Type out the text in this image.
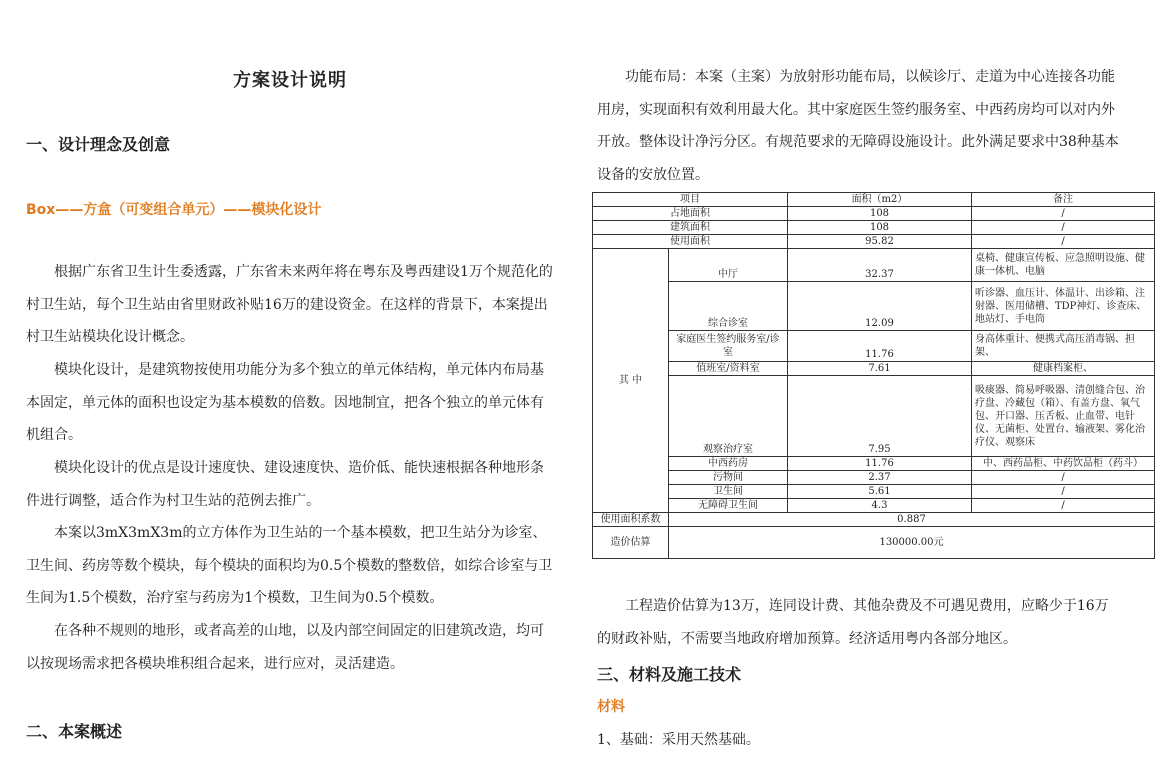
方案设计说明
一、设计理念及创意
Box——方盒（可变组合单元）——模块化设计
根据广东省卫生计生委透露，广东省未来两年将在粤东及粤西建设1万个规范化的村卫生站，每个卫生站由省里财政补贴16万的建设资金。在这样的背景下，本案提出村卫生站模块化设计概念。
模块化设计，是建筑物按使用功能分为多个独立的单元体结构，单元体内布局基本固定，单元体的面积也设定为基本模数的倍数。因地制宜，把各个独立的单元体有机组合。
模块化设计的优点是设计速度快、建设速度快、造价低、能快速根据各种地形条件进行调整，适合作为村卫生站的范例去推广。
本案以3mX3mX3m的立方体作为卫生站的一个基本模数，把卫生站分为诊室、卫生间、药房等数个模块，每个模块的面积均为0.5个模数的整数倍，如综合诊室与卫生间为1.5个模数，治疗室与药房为1个模数，卫生间为0.5个模数。
在各种不规则的地形，或者高差的山地，以及内部空间固定的旧建筑改造，均可以按现场需求把各模块堆积组合起来，进行应对，灵活建造。
二、本案概述
功能布局：本案（主案）为放射形功能布局，以候诊厅、走道为中心连接各功能用房，实现面积有效利用最大化。其中家庭医生签约服务室、中西药房均可以对内外开放。整体设计净污分区。有规范要求的无障碍设施设计。此外满足要求中38种基本设备的安放位置。
工程造价估算为13万，连同设计费、其他杂费及不可遇见费用，应略少于16万的财政补贴，不需要当地政府增加预算。经济适用粤内各部分地区。
三、材料及施工技术
材料
1、基础：采用天然基础。
项目		面积（m2）	备注
占地面积		108	/
建筑面积		108	/
使用面积		95.82	/
其 中	中厅	32.37	桌椅、健康宣传板、应急照明设施、健康一体机、电脑
	综合诊室	12.09	听诊器、血压计、体温计、出诊箱、注射器、医用储槽、TDP神灯、诊查床、地站灯、手电筒
	家庭医生签约服务室/诊室	11.76	身高体重计、便携式高压消毒锅、担架、
	值班室/资料室	7.61	健康档案柜、
	观察治疗室	7.95	吸痰器、简易呼吸器、清创缝合包、治疗盘、冷藏包（箱）、有盖方盘、氧气包、开口器、压舌板、止血带、电针仪、无菌柜、处置台、输液架、雾化治疗仪、观察床
	中西药房	11.76	中、西药品柜、中药饮品柜（药斗）
	污物间	2.37	/
	卫生间	5.61	/
	无障碍卫生间	4.3	/
使用面积系数	0.887		
造价估算	130000.00元		
